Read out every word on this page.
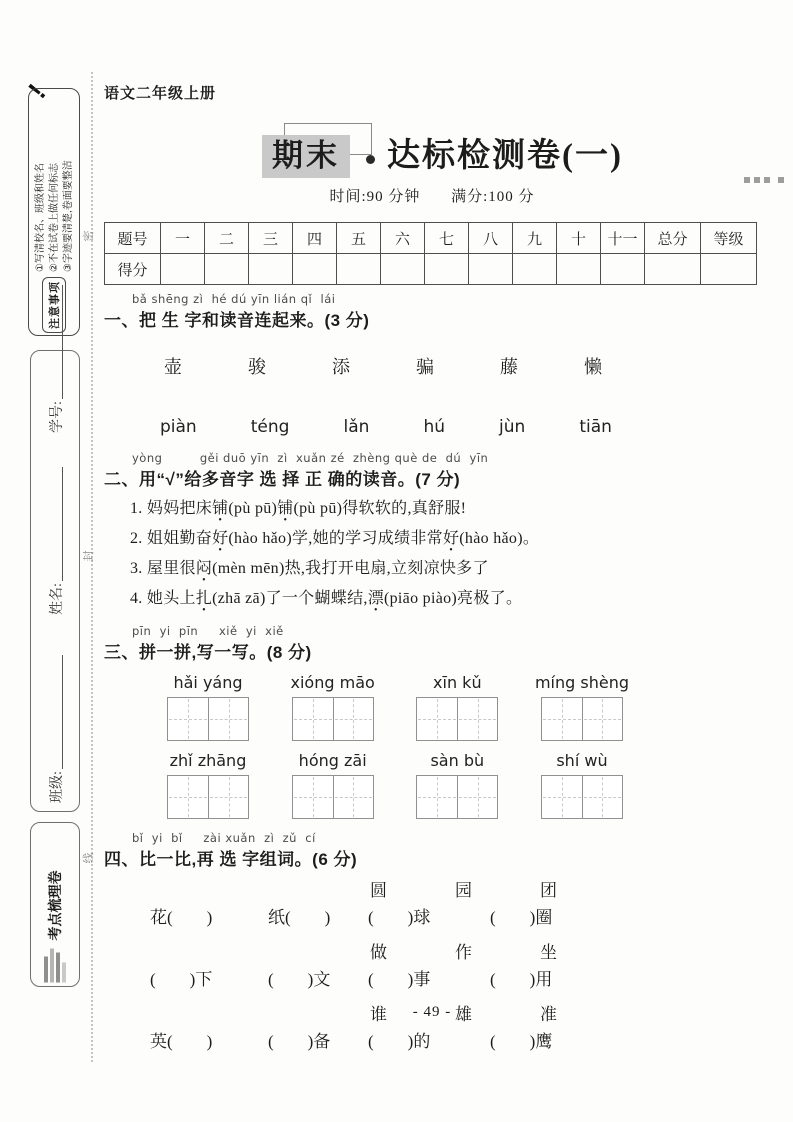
密
封
线
!
注意事项
①写清校名、班级和姓名 ②不在试卷上做任何标志 ③字迹要清楚,卷面要整洁
学号:
姓名:
班级:
考点梳理卷
语文二年级上册
期末	达标检测卷(一)
时间:90 分钟 满分:100 分
题号	一	二	三	四	五	六	七	八	九	十	十一	总分	等级
得分													
bǎ shēng zì  hé dú yīn lián qǐ  lái
一、把 生 字和读音连起来。(3 分)
壶	骏	添	骗	藤	懒
piàn	téng	lǎn	hú	jùn	tiān
yòng         gěi duō yīn  zì  xuǎn zé  zhèng què de  dú  yīn
二、用“√”给多音字 选 择 正 确的读音。(7 分)
1. 妈妈把床铺(pù pū)铺(pù pū)得软软的,真舒服!
2. 姐姐勤奋好(hào hǎo)学,她的学习成绩非常好(hào hǎo)。
3. 屋里很闷(mèn mēn)热,我打开电扇,立刻凉快多了
4. 她头上扎(zhā zā)了一个蝴蝶结,漂(piāo piào)亮极了。
pīn  yi  pīn     xiě  yi  xiě
三、拼一拼,写一写。(8 分)
hǎi yáng	xióng māo	xīn kǔ	míng shèng
zhǐ zhāng	hóng zāi	sàn bù	shí wù
bǐ  yi  bǐ     zài xuǎn  zì  zǔ  cí
四、比一比,再 选 字组词。(6 分)
圆	园	团
花(        )	纸(        )	(        )球	(        )圈
做	作	坐
(        )下	(        )文	(        )事	(        )用
谁	雄	准
英(        )	(        )备	(        )的	(        )鹰
- 49 -
